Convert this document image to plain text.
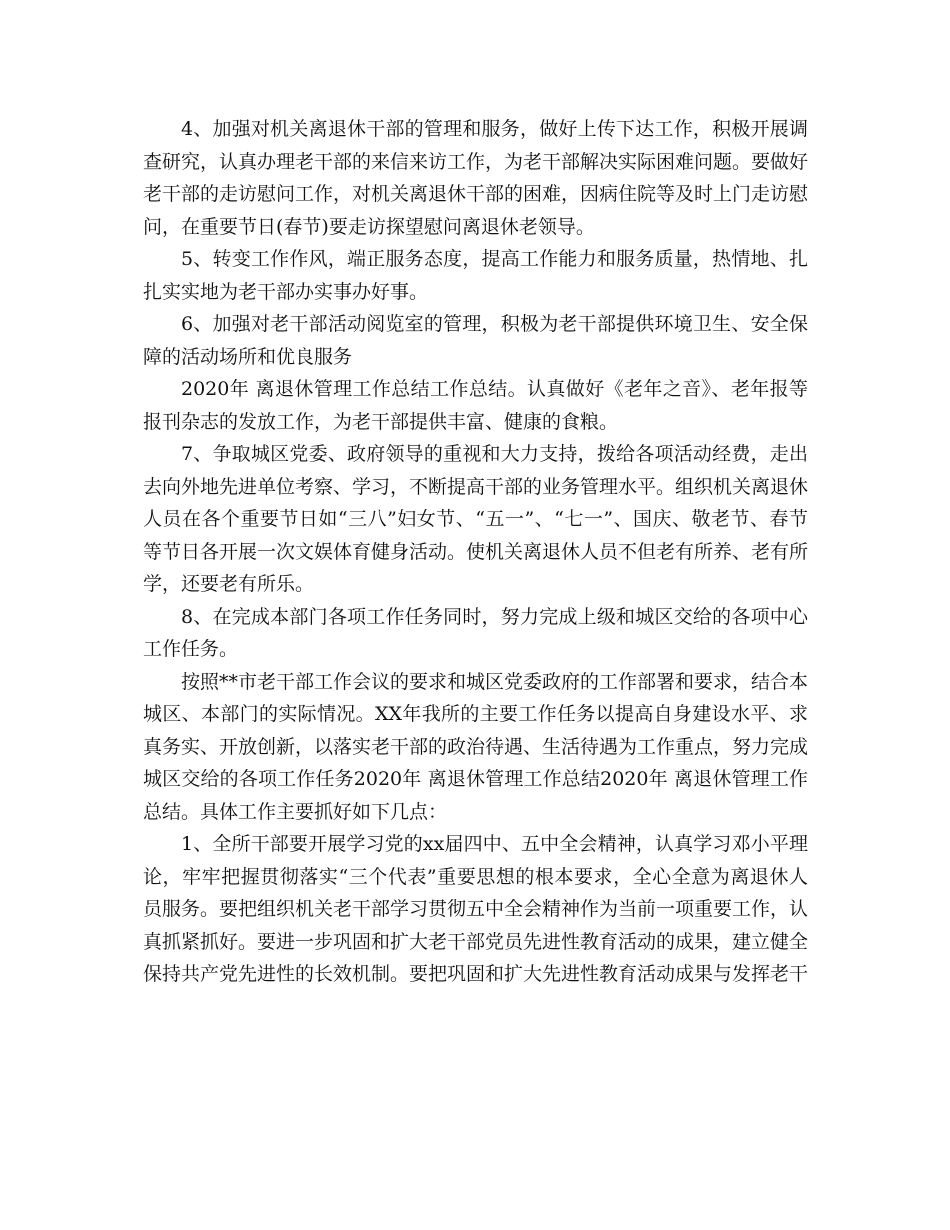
4、加强对机关离退休干部的管理和服务，做好上传下达工作，积极开展调查研究，认真办理老干部的来信来访工作，为老干部解决实际困难问题。要做好老干部的走访慰问工作，对机关离退休干部的困难，因病住院等及时上门走访慰问，在重要节日(春节)要走访探望慰问离退休老领导。

5、转变工作作风，端正服务态度，提高工作能力和服务质量，热情地、扎扎实实地为老干部办实事办好事。

6、加强对老干部活动阅览室的管理，积极为老干部提供环境卫生、安全保障的活动场所和优良服务

2020年 离退休管理工作总结工作总结。认真做好《老年之音》、老年报等报刊杂志的发放工作，为老干部提供丰富、健康的食粮。

7、争取城区党委、政府领导的重视和大力支持，拨给各项活动经费，走出去向外地先进单位考察、学习，不断提高干部的业务管理水平。组织机关离退休人员在各个重要节日如“三八”妇女节、“五一”、“七一”、国庆、敬老节、春节等节日各开展一次文娱体育健身活动。使机关离退休人员不但老有所养、老有所学，还要老有所乐。

8、在完成本部门各项工作任务同时，努力完成上级和城区交给的各项中心工作任务。

按照**市老干部工作会议的要求和城区党委政府的工作部署和要求，结合本城区、本部门的实际情况。XX年我所的主要工作任务以提高自身建设水平、求真务实、开放创新，以落实老干部的政治待遇、生活待遇为工作重点，努力完成城区交给的各项工作任务2020年 离退休管理工作总结2020年 离退休管理工作总结。具体工作主要抓好如下几点：

1、全所干部要开展学习党的xx届四中、五中全会精神，认真学习邓小平理论，牢牢把握贯彻落实“三个代表”重要思想的根本要求，全心全意为离退休人员服务。要把组织机关老干部学习贯彻五中全会精神作为当前一项重要工作，认真抓紧抓好。要进一步巩固和扩大老干部党员先进性教育活动的成果，建立健全保持共产党先进性的长效机制。要把巩固和扩大先进性教育活动成果与发挥老干
